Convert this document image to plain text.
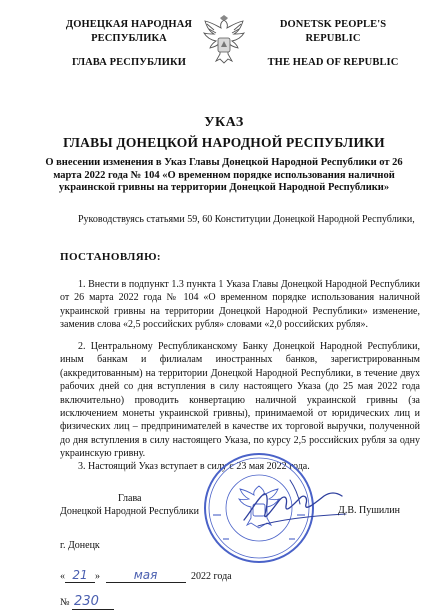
ДОНЕЦКАЯ НАРОДНАЯ
РЕСПУБЛИКА
ГЛАВА РЕСПУБЛИКИ
DONETSK PEOPLE'S
REPUBLIC
THE HEAD OF REPUBLIC
УКАЗ
ГЛАВЫ ДОНЕЦКОЙ НАРОДНОЙ РЕСПУБЛИКИ
О внесении изменения в Указ Главы Донецкой Народной Республики от 26 марта 2022 года № 104 «О временном порядке использования наличной украинской гривны на территории Донецкой Народной Республики»
Руководствуясь статьями 59, 60 Конституции Донецкой Народной Республики,
ПОСТАНОВЛЯЮ:
1. Внести в подпункт 1.3 пункта 1 Указа Главы Донецкой Народной Республики от 26 марта 2022 года № 104 «О временном порядке использования наличной украинской гривны на территории Донецкой Народной Республики» изменение, заменив слова «2,5 российских рубля» словами «2,0 российских рубля».
2. Центральному Республиканскому Банку Донецкой Народной Республики, иным банкам и филиалам иностранных банков, зарегистрированным (аккредитованным) на территории Донецкой Народной Республики, в течение двух рабочих дней со дня вступления в силу настоящего Указа (до 25 мая 2022 года включительно) проводить конвертацию наличной украинской гривны (за исключением монеты украинской гривны), принимаемой от юридических лиц и физических лиц – предпринимателей в качестве их торговой выручки, полученной до дня вступления в силу настоящего Указа, по курсу 2,5 российских рубля за одну украинскую гривну.
3. Настоящий Указ вступает в силу с 23 мая 2022 года.
Глава
Донецкой Народной Республики	Д.В. Пушилин
г. Донецк
« 21 »	мая	2022 года
№ 230
